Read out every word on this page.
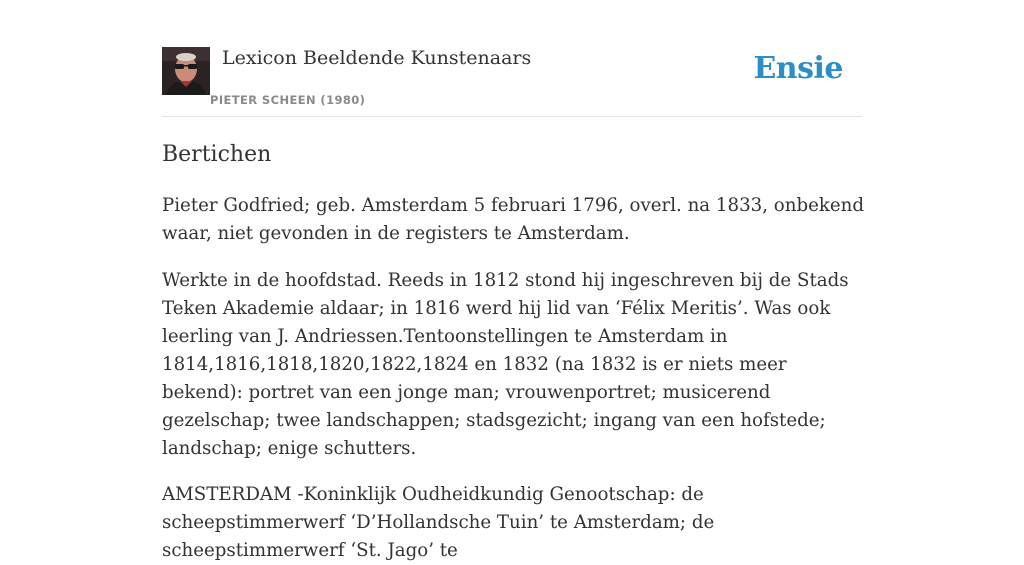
Lexicon Beeldende Kunstenaars
PIETER SCHEEN (1980)
Ensie
Bertichen

Pieter Godfried; geb. Amsterdam 5 februari 1796, overl. na 1833, onbekend waar, niet gevonden in de registers te Amsterdam.

Werkte in de hoofdstad. Reeds in 1812 stond hij ingeschreven bij de Stads Teken Akademie aldaar; in 1816 werd hij lid van ‘Félix Meritis’. Was ook leerling van J. Andriessen.Tentoonstellingen te Amsterdam in 1814,1816,1818,1820,1822,1824 en 1832 (na 1832 is er niets meer bekend): portret van een jonge man; vrouwenportret; musicerend gezelschap; twee landschappen; stadsgezicht; ingang van een hofstede; landschap; enige schutters.

AMSTERDAM -Koninklijk Oudheidkundig Genootschap: de scheepstimmerwerf ‘D’Hollandsche Tuin’ te Amsterdam; de scheepstimmerwerf ‘St. Jago’ te
